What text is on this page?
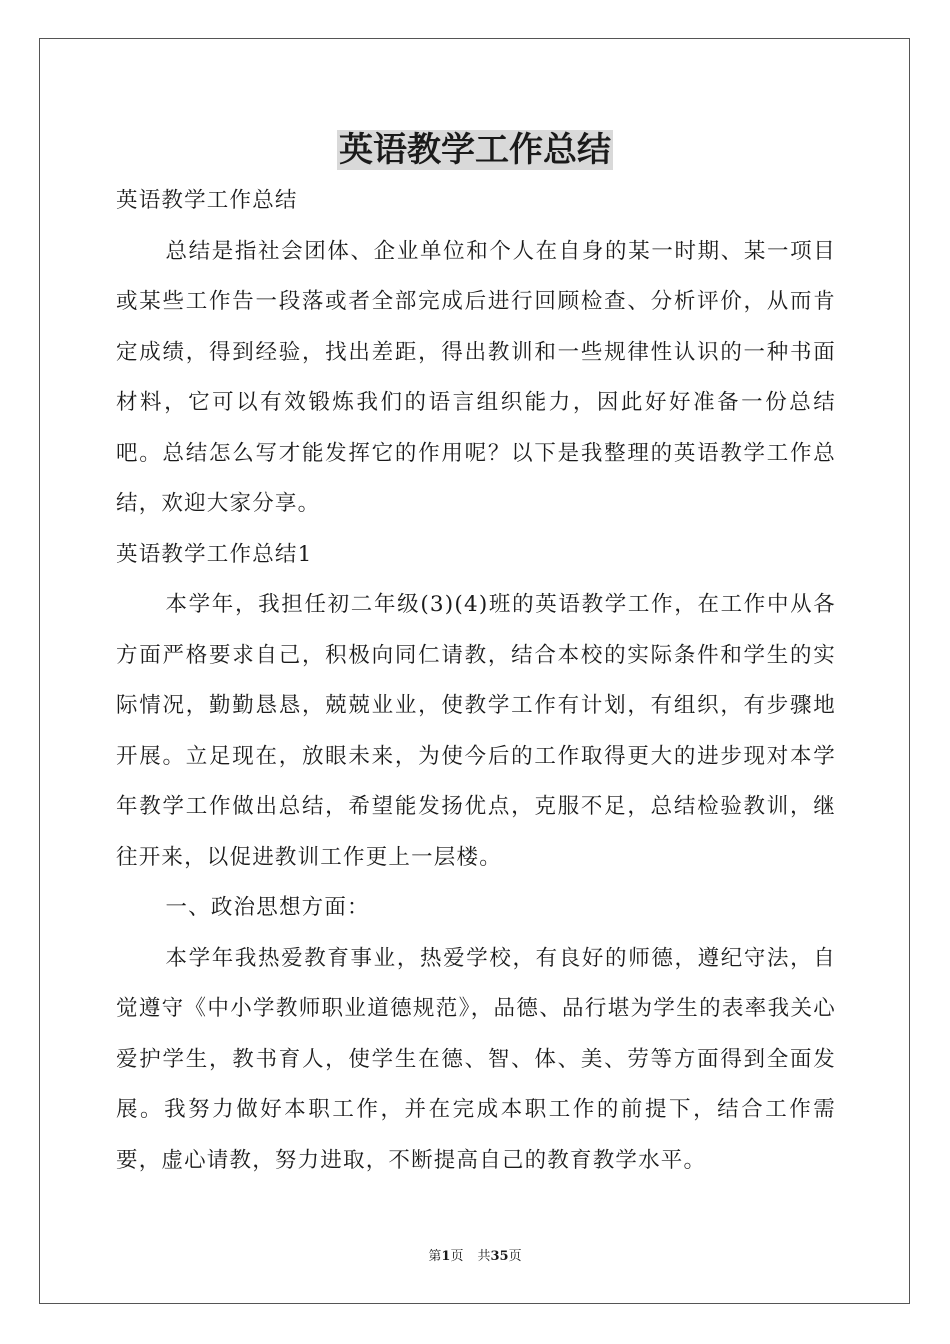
英语教学工作总结

英语教学工作总结

总结是指社会团体、企业单位和个人在自身的某一时期、某一项目或某些工作告一段落或者全部完成后进行回顾检查、分析评价，从而肯定成绩，得到经验，找出差距，得出教训和一些规律性认识的一种书面材料，它可以有效锻炼我们的语言组织能力，因此好好准备一份总结吧。总结怎么写才能发挥它的作用呢？以下是我整理的英语教学工作总结，欢迎大家分享。

英语教学工作总结1

本学年，我担任初二年级(3)(4)班的英语教学工作，在工作中从各方面严格要求自己，积极向同仁请教，结合本校的实际条件和学生的实际情况，勤勤恳恳，兢兢业业，使教学工作有计划，有组织，有步骤地开展。立足现在，放眼未来，为使今后的工作取得更大的进步现对本学年教学工作做出总结，希望能发扬优点，克服不足，总结检验教训，继往开来，以促进教训工作更上一层楼。

一、政治思想方面：

本学年我热爱教育事业，热爱学校，有良好的师德，遵纪守法，自觉遵守《中小学教师职业道德规范》，品德、品行堪为学生的表率我关心爱护学生，教书育人，使学生在德、智、体、美、劳等方面得到全面发展。我努力做好本职工作，并在完成本职工作的前提下，结合工作需要，虚心请教，努力进取，不断提高自己的教育教学水平。

第1页 共35页
